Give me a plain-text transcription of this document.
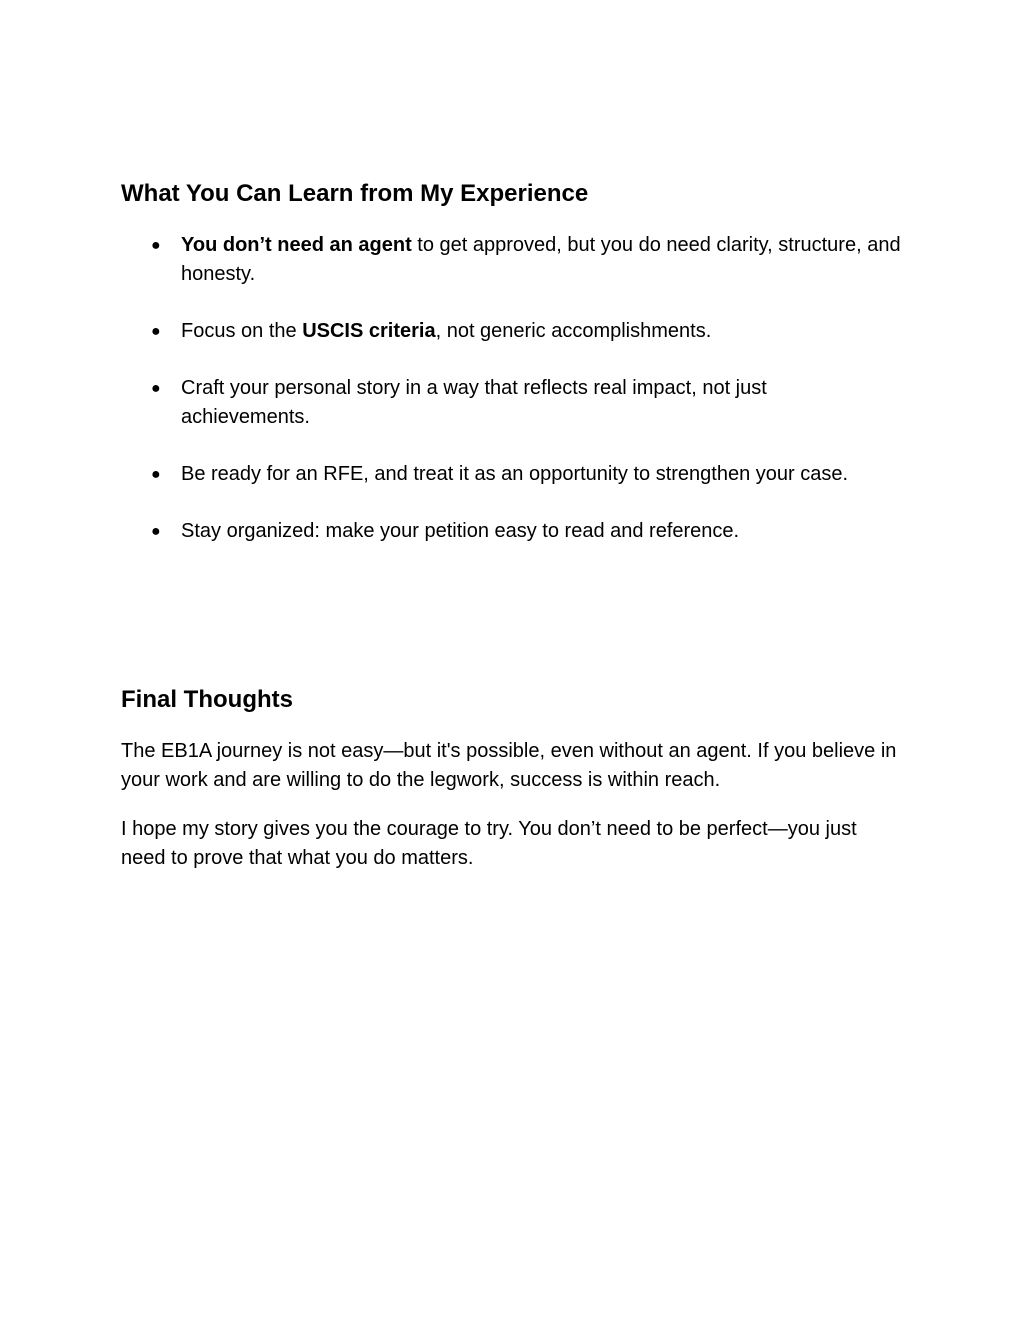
What You Can Learn from My Experience
● You don’t need an agent to get approved, but you do need clarity, structure, and honesty.
● Focus on the USCIS criteria, not generic accomplishments.
● Craft your personal story in a way that reflects real impact, not just achievements.
● Be ready for an RFE, and treat it as an opportunity to strengthen your case.
● Stay organized: make your petition easy to read and reference.
Final Thoughts

The EB1A journey is not easy—but it's possible, even without an agent. If you believe in your work and are willing to do the legwork, success is within reach.

I hope my story gives you the courage to try. You don’t need to be perfect—you just need to prove that what you do matters.
